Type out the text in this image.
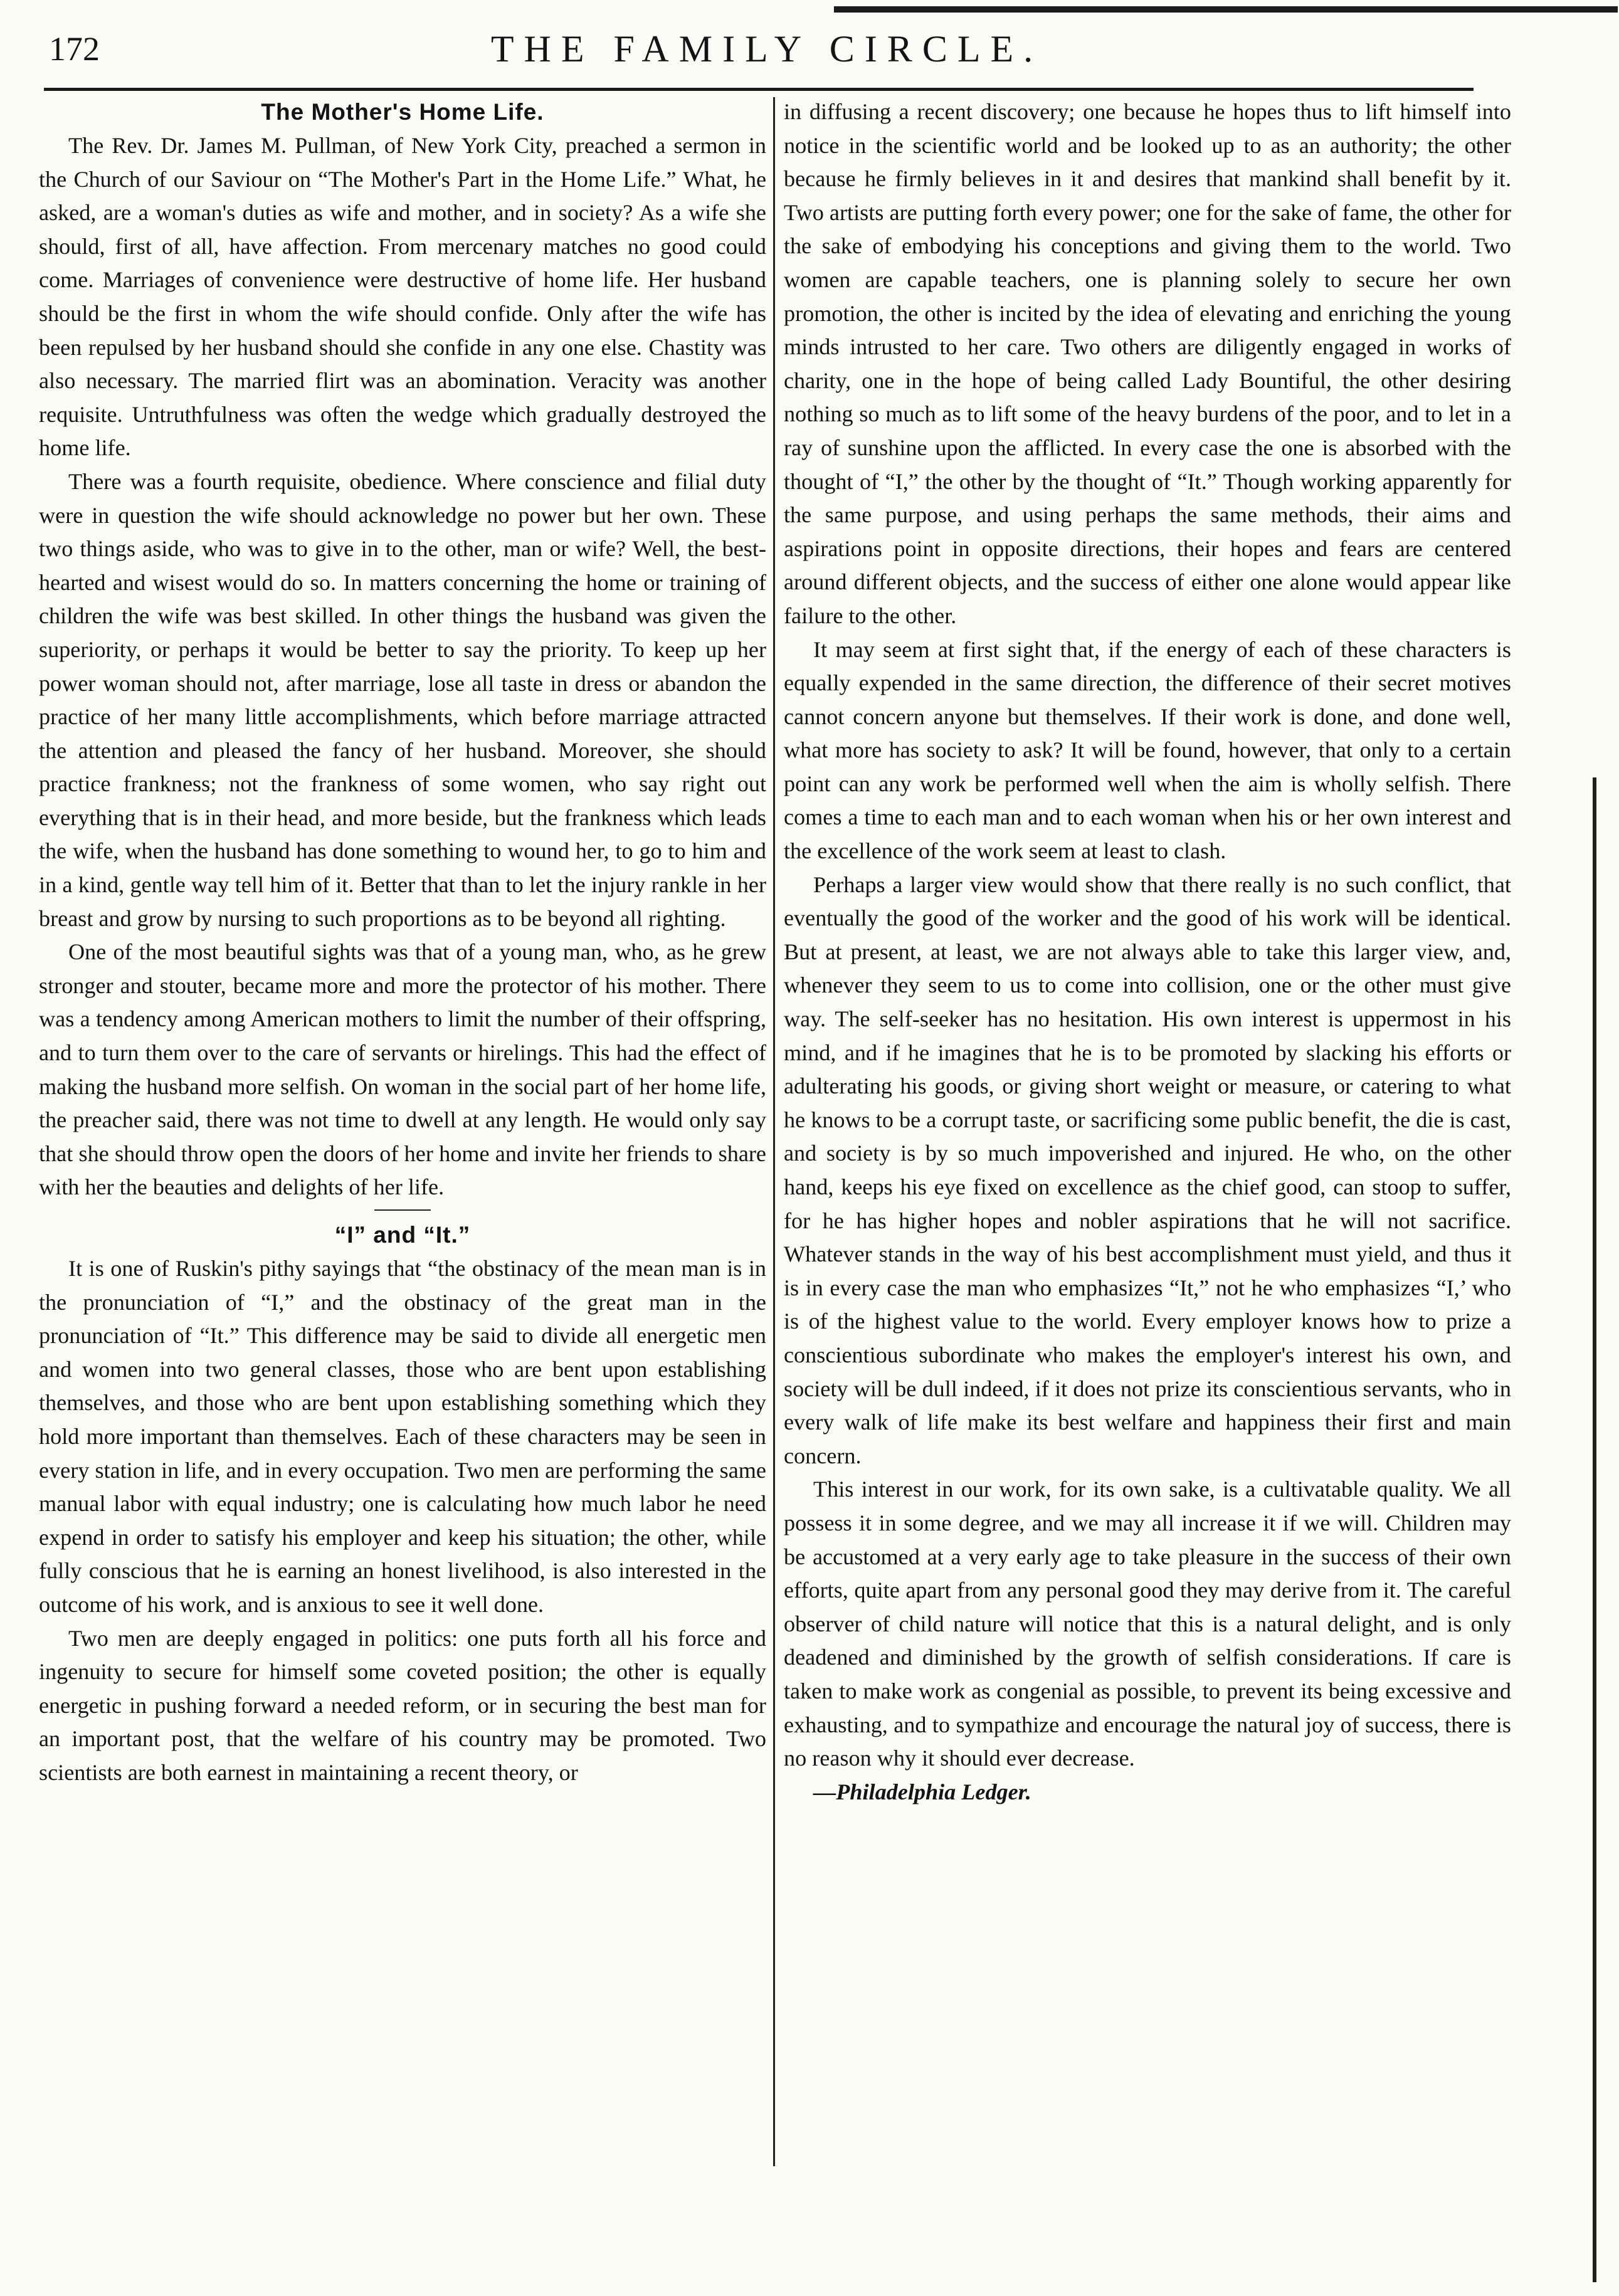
172	THE FAMILY CIRCLE.
The Mother's Home Life.

The Rev. Dr. James M. Pullman, of New York City, preached a sermon in the Church of our Saviour on “The Mother's Part in the Home Life.” What, he asked, are a woman's duties as wife and mother, and in society? As a wife she should, first of all, have affection. From mercenary matches no good could come. Marriages of convenience were destructive of home life. Her husband should be the first in whom the wife should confide. Only after the wife has been repulsed by her husband should she confide in any one else. Chastity was also necessary. The married flirt was an abomination. Veracity was another requisite. Untruthfulness was often the wedge which gradually destroyed the home life.

There was a fourth requisite, obedience. Where conscience and filial duty were in question the wife should acknowledge no power but her own. These two things aside, who was to give in to the other, man or wife? Well, the best-hearted and wisest would do so. In matters concerning the home or training of children the wife was best skilled. In other things the husband was given the superiority, or perhaps it would be better to say the priority. To keep up her power woman should not, after marriage, lose all taste in dress or abandon the practice of her many little accomplishments, which before marriage attracted the attention and pleased the fancy of her husband. Moreover, she should practice frankness; not the frankness of some women, who say right out everything that is in their head, and more beside, but the frankness which leads the wife, when the husband has done something to wound her, to go to him and in a kind, gentle way tell him of it. Better that than to let the injury rankle in her breast and grow by nursing to such proportions as to be beyond all righting.

One of the most beautiful sights was that of a young man, who, as he grew stronger and stouter, became more and more the protector of his mother. There was a tendency among American mothers to limit the number of their offspring, and to turn them over to the care of servants or hirelings. This had the effect of making the husband more selfish. On woman in the social part of her home life, the preacher said, there was not time to dwell at any length. He would only say that she should throw open the doors of her home and invite her friends to share with her the beauties and delights of her life.

“I” and “It.”

It is one of Ruskin's pithy sayings that “the obstinacy of the mean man is in the pronunciation of “I,” and the obstinacy of the great man in the pronunciation of “It.” This difference may be said to divide all energetic men and women into two general classes, those who are bent upon establishing themselves, and those who are bent upon establishing something which they hold more important than themselves. Each of these characters may be seen in every station in life, and in every occupation. Two men are performing the same manual labor with equal industry; one is calculating how much labor he need expend in order to satisfy his employer and keep his situation; the other, while fully conscious that he is earning an honest livelihood, is also interested in the outcome of his work, and is anxious to see it well done.

Two men are deeply engaged in politics: one puts forth all his force and ingenuity to secure for himself some coveted position; the other is equally energetic in pushing forward a needed reform, or in securing the best man for an important post, that the welfare of his country may be promoted. Two scientists are both earnest in maintaining a recent theory, or

in diffusing a recent discovery; one because he hopes thus to lift himself into notice in the scientific world and be looked up to as an authority; the other because he firmly believes in it and desires that mankind shall benefit by it. Two artists are putting forth every power; one for the sake of fame, the other for the sake of embodying his conceptions and giving them to the world. Two women are capable teachers, one is planning solely to secure her own promotion, the other is incited by the idea of elevating and enriching the young minds intrusted to her care. Two others are diligently engaged in works of charity, one in the hope of being called Lady Bountiful, the other desiring nothing so much as to lift some of the heavy burdens of the poor, and to let in a ray of sunshine upon the afflicted. In every case the one is absorbed with the thought of “I,” the other by the thought of “It.” Though working apparently for the same purpose, and using perhaps the same methods, their aims and aspirations point in opposite directions, their hopes and fears are centered around different objects, and the success of either one alone would appear like failure to the other.

It may seem at first sight that, if the energy of each of these characters is equally expended in the same direction, the difference of their secret motives cannot concern anyone but themselves. If their work is done, and done well, what more has society to ask? It will be found, however, that only to a certain point can any work be performed well when the aim is wholly selfish. There comes a time to each man and to each woman when his or her own interest and the excellence of the work seem at least to clash.

Perhaps a larger view would show that there really is no such conflict, that eventually the good of the worker and the good of his work will be identical. But at present, at least, we are not always able to take this larger view, and, whenever they seem to us to come into collision, one or the other must give way. The self-seeker has no hesitation. His own interest is uppermost in his mind, and if he imagines that he is to be promoted by slacking his efforts or adulterating his goods, or giving short weight or measure, or catering to what he knows to be a corrupt taste, or sacrificing some public benefit, the die is cast, and society is by so much impoverished and injured. He who, on the other hand, keeps his eye fixed on excellence as the chief good, can stoop to suffer, for he has higher hopes and nobler aspirations that he will not sacrifice. Whatever stands in the way of his best accomplishment must yield, and thus it is in every case the man who emphasizes “It,” not he who emphasizes “I,’ who is of the highest value to the world. Every employer knows how to prize a conscientious subordinate who makes the employer's interest his own, and society will be dull indeed, if it does not prize its conscientious servants, who in every walk of life make its best welfare and happiness their first and main concern.

This interest in our work, for its own sake, is a cultivatable quality. We all possess it in some degree, and we may all increase it if we will. Children may be accustomed at a very early age to take pleasure in the success of their own efforts, quite apart from any personal good they may derive from it. The careful observer of child nature will notice that this is a natural delight, and is only deadened and diminished by the growth of selfish considerations. If care is taken to make work as congenial as possible, to prevent its being excessive and exhausting, and to sympathize and encourage the natural joy of success, there is no reason why it should ever decrease.

—Philadelphia Ledger.
